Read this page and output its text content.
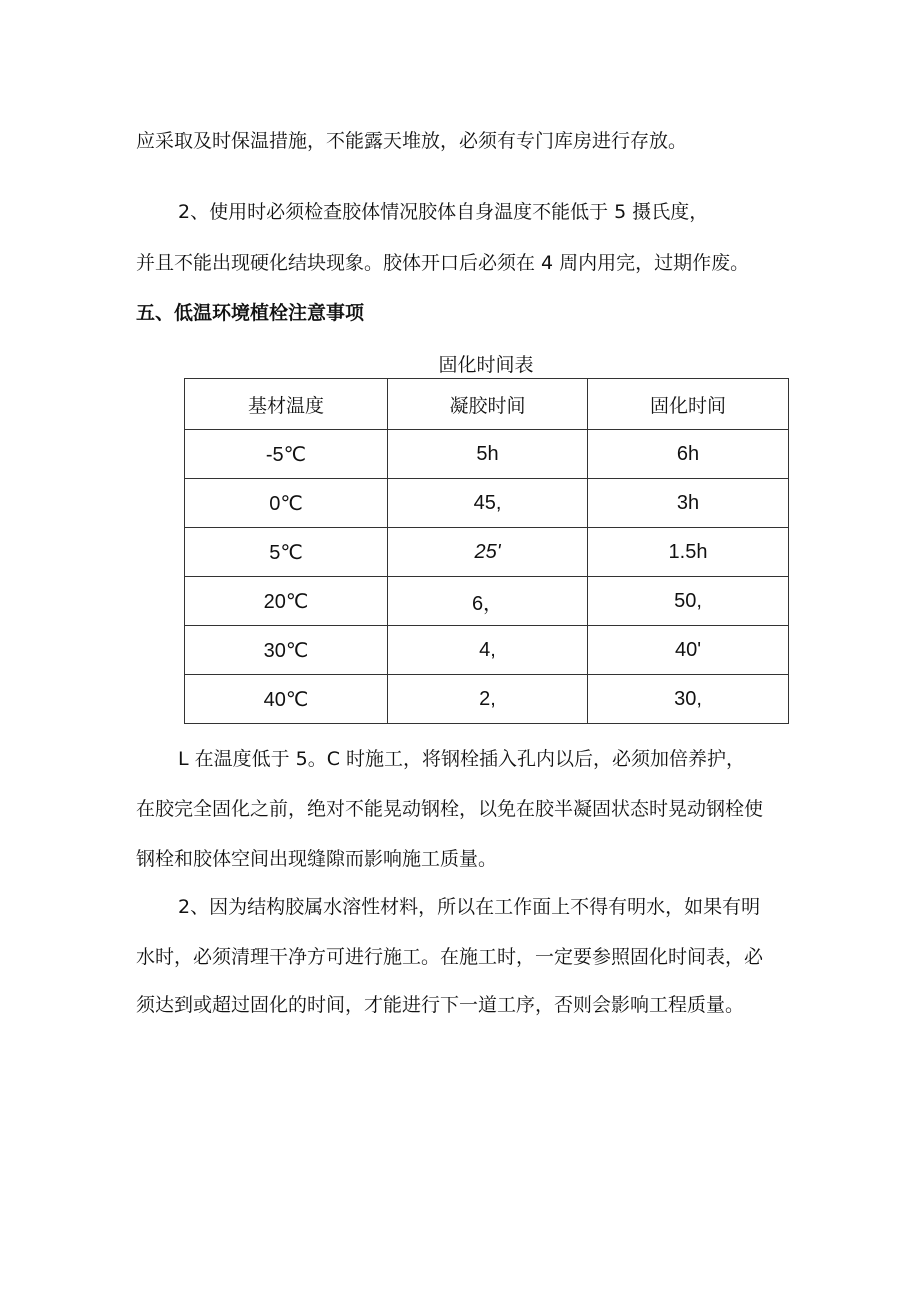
应采取及时保温措施，不能露天堆放，必须有专门库房进行存放。

2、使用时必须检查胶体情况胶体自身温度不能低于 5 摄氏度，

并且不能出现硬化结块现象。胶体开口后必须在 4 周内用完，过期作废。

五、低温环境植栓注意事项

固化时间表
基材温度	凝胶时间	固化时间
-5℃	5h	6h
0℃	45,	3h
5℃	25'	1.5h
20℃	6，	50,
30℃	4,	40'
40℃	2,	30,

L 在温度低于 5。C 时施工，将钢栓插入孔内以后，必须加倍养护，

在胶完全固化之前，绝对不能晃动钢栓，以免在胶半凝固状态时晃动钢栓使

钢栓和胶体空间出现缝隙而影响施工质量。

2、因为结构胶属水溶性材料，所以在工作面上不得有明水，如果有明

水时，必须清理干净方可进行施工。在施工时，一定要参照固化时间表，必

须达到或超过固化的时间，才能进行下一道工序，否则会影响工程质量。
